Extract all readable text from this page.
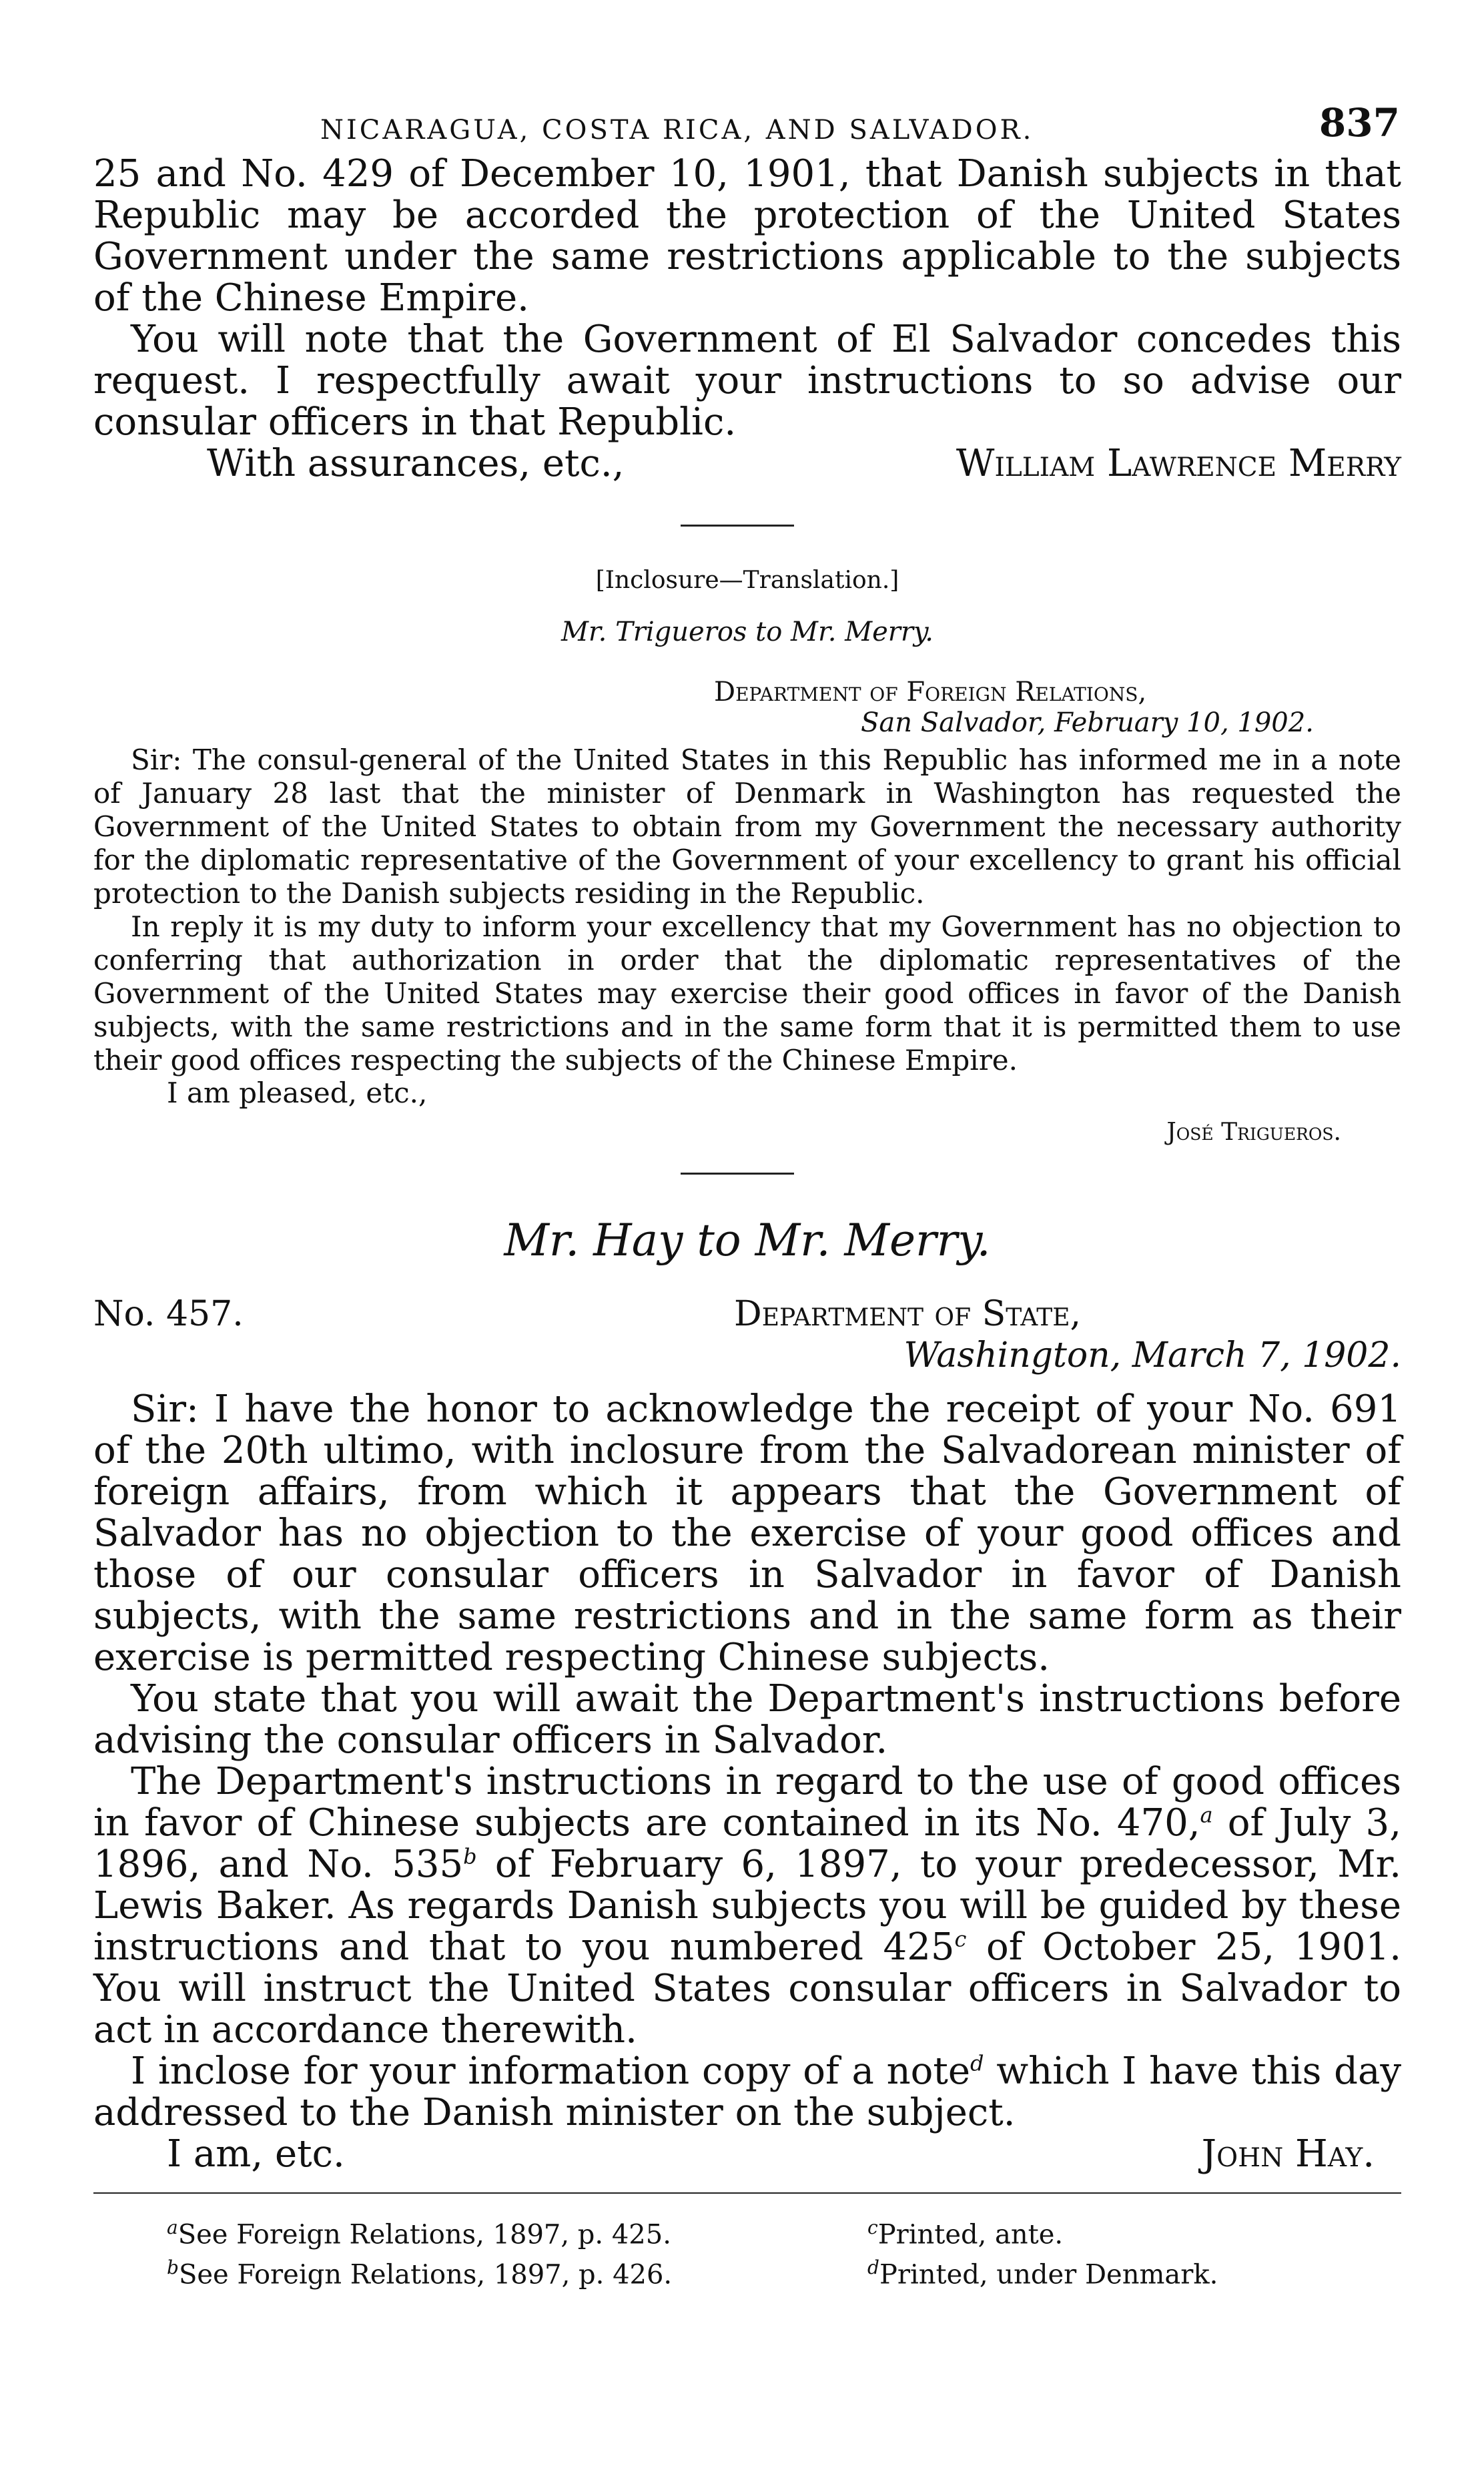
NICARAGUA, COSTA RICA, AND SALVADOR.	837

25 and No. 429 of December 10, 1901, that Danish subjects in that Republic may be accorded the protection of the United States Government under the same restrictions applicable to the subjects of the Chinese Empire.

You will note that the Government of El Salvador concedes this request. I respectfully await your instructions to so advise our consular officers in that Republic.

With assurances, etc.,	William Lawrence Merry
[Inclosure—Translation.]
Mr. Trigueros to Mr. Merry.
Department of Foreign Relations,
San Salvador, February 10, 1902.

Sir: The consul-general of the United States in this Republic has informed me in a note of January 28 last that the minister of Denmark in Washington has requested the Government of the United States to obtain from my Government the necessary authority for the diplomatic representative of the Government of your excellency to grant his official protection to the Danish subjects residing in the Republic.

In reply it is my duty to inform your excellency that my Government has no objection to conferring that authorization in order that the diplomatic representatives of the Government of the United States may exercise their good offices in favor of the Danish subjects, with the same restrictions and in the same form that it is permitted them to use their good offices respecting the subjects of the Chinese Empire.

I am pleased, etc.,
José Trigueros.
Mr. Hay to Mr. Merry.
No. 457.	Department of State,
Washington, March 7, 1902.

Sir: I have the honor to acknowledge the receipt of your No. 691 of the 20th ultimo, with inclosure from the Salvadorean minister of foreign affairs, from which it appears that the Government of Salvador has no objection to the exercise of your good offices and those of our consular officers in Salvador in favor of Danish subjects, with the same restrictions and in the same form as their exercise is permitted respecting Chinese subjects.

You state that you will await the Department's instructions before advising the consular officers in Salvador.

The Department's instructions in regard to the use of good offices in favor of Chinese subjects are contained in its No. 470,$^a$ of July 3, 1896, and No. 535$^b$ of February 6, 1897, to your predecessor, Mr. Lewis Baker. As regards Danish subjects you will be guided by these instructions and that to you numbered 425$^c$ of October 25, 1901. You will instruct the United States consular officers in Salvador to act in accordance therewith.

I inclose for your information copy of a note$^d$ which I have this day addressed to the Danish minister on the subject.

I am, etc.	John Hay.
$^a$See Foreign Relations, 1897, p. 425.
$^b$See Foreign Relations, 1897, p. 426.
$^c$Printed, ante.
$^d$Printed, under Denmark.
